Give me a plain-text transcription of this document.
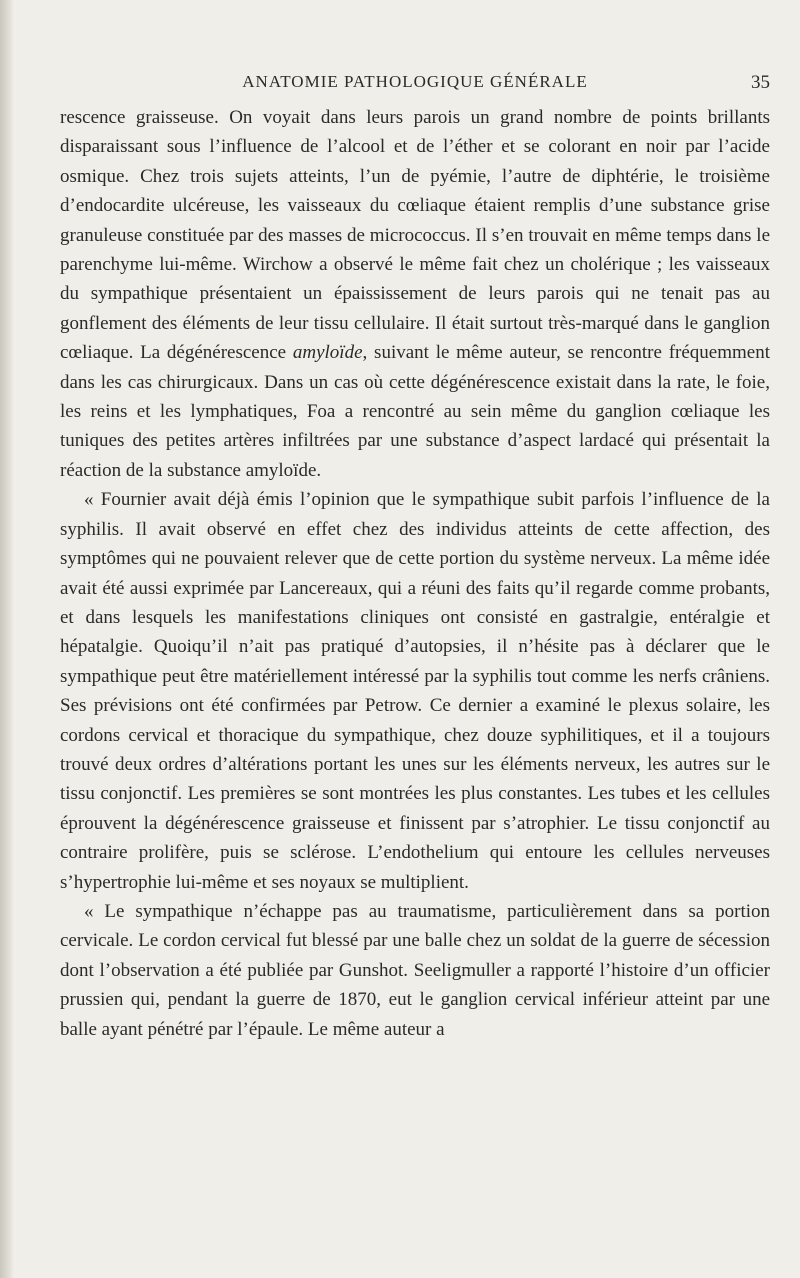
ANATOMIE PATHOLOGIQUE GÉNÉRALE	35

rescence graisseuse. On voyait dans leurs parois un grand nombre de points brillants disparaissant sous l’influence de l’alcool et de l’éther et se colorant en noir par l’acide osmique. Chez trois sujets atteints, l’un de pyémie, l’autre de diphtérie, le troisième d’endocardite ulcéreuse, les vaisseaux du cœliaque étaient remplis d’une substance grise granuleuse constituée par des masses de micrococcus. Il s’en trouvait en même temps dans le parenchyme lui-même. Wirchow a observé le même fait chez un cholérique ; les vaisseaux du sympathique présentaient un épaississement de leurs parois qui ne tenait pas au gonflement des éléments de leur tissu cellulaire. Il était surtout très-marqué dans le ganglion cœliaque. La dégénérescence amyloïde, suivant le même auteur, se rencontre fréquemment dans les cas chirurgicaux. Dans un cas où cette dégénérescence existait dans la rate, le foie, les reins et les lymphatiques, Foa a rencontré au sein même du ganglion cœliaque les tuniques des petites artères infiltrées par une substance d’aspect lardacé qui présentait la réaction de la substance amyloïde.

« Fournier avait déjà émis l’opinion que le sympathique subit parfois l’influence de la syphilis. Il avait observé en effet chez des individus atteints de cette affection, des symptômes qui ne pouvaient relever que de cette portion du système nerveux. La même idée avait été aussi exprimée par Lancereaux, qui a réuni des faits qu’il regarde comme probants, et dans lesquels les manifestations cliniques ont consisté en gastralgie, entéralgie et hépatalgie. Quoiqu’il n’ait pas pratiqué d’autopsies, il n’hésite pas à déclarer que le sympathique peut être matériellement intéressé par la syphilis tout comme les nerfs crâniens. Ses prévisions ont été confirmées par Petrow. Ce dernier a examiné le plexus solaire, les cordons cervical et thoracique du sympathique, chez douze syphilitiques, et il a toujours trouvé deux ordres d’altérations portant les unes sur les éléments nerveux, les autres sur le tissu conjonctif. Les premières se sont montrées les plus constantes. Les tubes et les cellules éprouvent la dégénérescence graisseuse et finissent par s’atrophier. Le tissu conjonctif au contraire prolifère, puis se sclérose. L’endothelium qui entoure les cellules nerveuses s’hypertrophie lui-même et ses noyaux se multiplient.

« Le sympathique n’échappe pas au traumatisme, particulièrement dans sa portion cervicale. Le cordon cervical fut blessé par une balle chez un soldat de la guerre de sécession dont l’observation a été publiée par Gunshot. Seeligmuller a rapporté l’histoire d’un officier prussien qui, pendant la guerre de 1870, eut le ganglion cervical inférieur atteint par une balle ayant pénétré par l’épaule. Le même auteur a
